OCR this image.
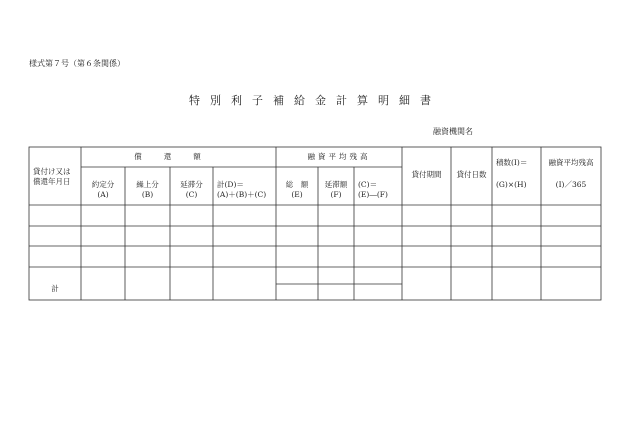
様式第７号（第６条関係）
特別利子補給金計算明細書
融資機関名
貸付け又は
償還年月日
償還額
約定分
(A)
繰上分
(B)
延滞分
(C)
計(D)＝
(A)＋(B)＋(C)
融資平均残高
総　額
(E)
延滞額
(F)
(C)＝
(E)―(F)
貸付期間	貸付日数
積数(I)＝
(G)×(H)
融資平均残高
(I)／365
計
